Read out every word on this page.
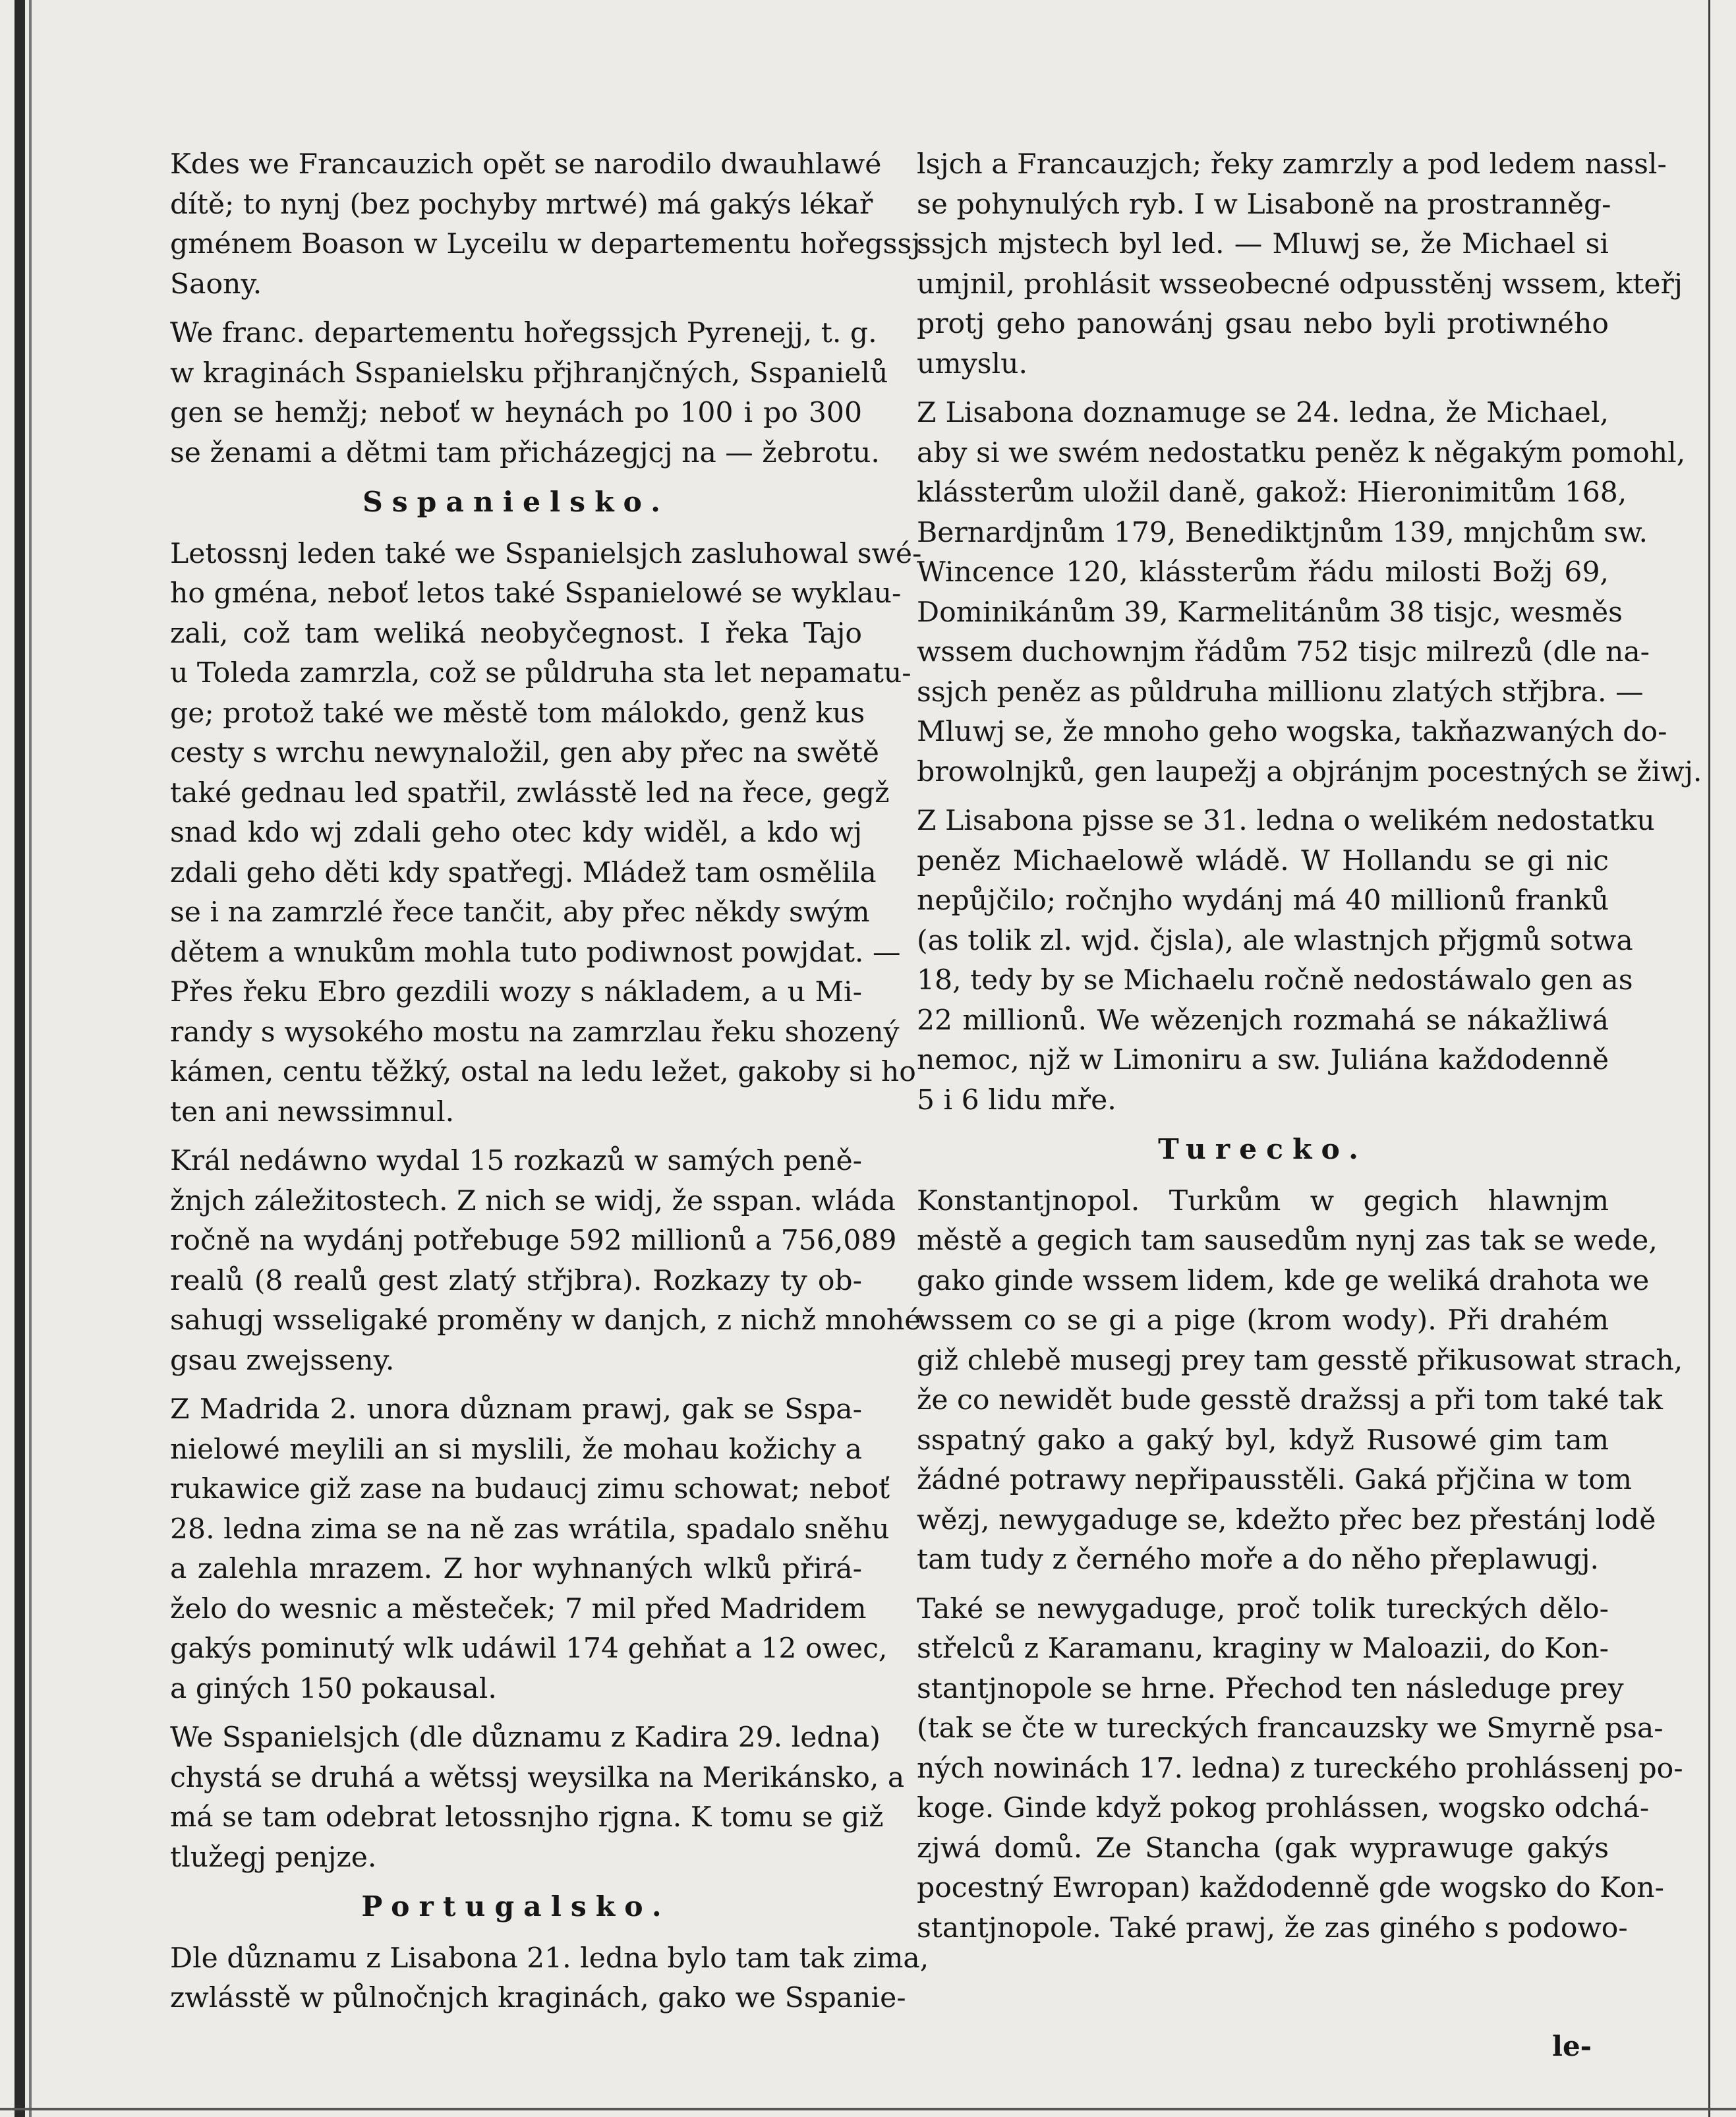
Kdes we Francauzich opět se narodilo dwauhlawé
dítě; to nynj (bez pochyby mrtwé) má gakýs lékař
gménem Boason w Lyceilu w departementu hořegssj
Saony.
We franc. departementu hořegssjch Pyrenejj, t. g.
w kraginách Sspanielsku přjhranjčných, Sspanielů
gen se hemžj; neboť w heynách po 100 i po 300
se ženami a dětmi tam přicházegjcj na — žebrotu.
Sspanielsko.
Letossnj leden také we Sspanielsjch zasluhowal swé-
ho gména, neboť letos také Sspanielowé se wyklau-
zali, což tam weliká neobyčegnost. I řeka Tajo
u Toleda zamrzla, což se půldruha sta let nepamatu-
ge; protož také we městě tom málokdo, genž kus
cesty s wrchu newynaložil, gen aby přec na swětě
také gednau led spatřil, zwlásstě led na řece, gegž
snad kdo wj zdali geho otec kdy widěl, a kdo wj
zdali geho děti kdy spatřegj. Mládež tam osmělila
se i na zamrzlé řece tančit, aby přec někdy swým
dětem a wnukům mohla tuto podiwnost powjdat. —
Přes řeku Ebro gezdili wozy s nákladem, a u Mi-
randy s wysokého mostu na zamrzlau řeku shozený
kámen, centu těžký, ostal na ledu ležet, gakoby si ho
ten ani newssimnul.
Král nedáwno wydal 15 rozkazů w samých peně-
žnjch záležitostech. Z nich se widj, že sspan. wláda
ročně na wydánj potřebuge 592 millionů a 756,089
realů (8 realů gest zlatý střjbra). Rozkazy ty ob-
sahugj wsseligaké proměny w danjch, z nichž mnohé
gsau zwejsseny.
Z Madrida 2. unora důznam prawj, gak se Sspa-
nielowé meylili an si myslili, že mohau kožichy a
rukawice giž zase na budaucj zimu schowat; neboť
28. ledna zima se na ně zas wrátila, spadalo sněhu
a zalehla mrazem. Z hor wyhnaných wlků přirá-
želo do wesnic a městeček; 7 mil před Madridem
gakýs pominutý wlk udáwil 174 gehňat a 12 owec,
a giných 150 pokausal.
We Sspanielsjch (dle důznamu z Kadira 29. ledna)
chystá se druhá a wětssj weysilka na Merikánsko, a
má se tam odebrat letossnjho rjgna. K tomu se giž
tlužegj penjze.
Portugalsko.
Dle důznamu z Lisabona 21. ledna bylo tam tak zima,
zwlásstě w půlnočnjch kraginách, gako we Sspanie-
lsjch a Francauzjch; řeky zamrzly a pod ledem nassl-
se pohynulých ryb. I w Lisaboně na prostranněg-
ssjch mjstech byl led. — Mluwj se, že Michael si
umjnil, prohlásit wsseobecné odpusstěnj wssem, kteřj
protj geho panowánj gsau nebo byli protiwného
umyslu.
Z Lisabona doznamuge se 24. ledna, že Michael,
aby si we swém nedostatku peněz k něgakým pomohl,
klássterům uložil daně, gakož: Hieronimitům 168,
Bernardjnům 179, Benediktjnům 139, mnjchům sw.
Wincence 120, klássterům řádu milosti Božj 69,
Dominikánům 39, Karmelitánům 38 tisjc, wesměs
wssem duchownjm řádům 752 tisjc milrezů (dle na-
ssjch peněz as půldruha millionu zlatých střjbra. —
Mluwj se, že mnoho geho wogska, takňazwaných do-
browolnjků, gen laupežj a objránjm pocestných se žiwj.
Z Lisabona pjsse se 31. ledna o welikém nedostatku
peněz Michaelowě wládě. W Hollandu se gi nic
nepůjčilo; ročnjho wydánj má 40 millionů franků
(as tolik zl. wjd. čjsla), ale wlastnjch přjgmů sotwa
18, tedy by se Michaelu ročně nedostáwalo gen as
22 millionů. We wězenjch rozmahá se nákažliwá
nemoc, njž w Limoniru a sw. Juliána každodenně
5 i 6 lidu mře.
Turecko.
Konstantjnopol. Turkům w gegich hlawnjm
městě a gegich tam sausedům nynj zas tak se wede,
gako ginde wssem lidem, kde ge weliká drahota we
wssem co se gi a pige (krom wody). Při drahém
giž chlebě musegj prey tam gesstě přikusowat strach,
že co newidět bude gesstě dražssj a při tom také tak
sspatný gako a gaký byl, když Rusowé gim tam
žádné potrawy nepřipausstěli. Gaká přjčina w tom
wězj, newygaduge se, kdežto přec bez přestánj lodě
tam tudy z černého moře a do něho přeplawugj.
Také se newygaduge, proč tolik tureckých dělo-
střelců z Karamanu, kraginy w Maloazii, do Kon-
stantjnopole se hrne. Přechod ten následuge prey
(tak se čte w tureckých francauzsky we Smyrně psa-
ných nowinách 17. ledna) z tureckého prohlássenj po-
koge. Ginde když pokog prohlássen, wogsko odchá-
zjwá domů. Ze Stancha (gak wyprawuge gakýs
pocestný Ewropan) každodenně gde wogsko do Kon-
stantjnopole. Také prawj, že zas giného s podowo-
le-
